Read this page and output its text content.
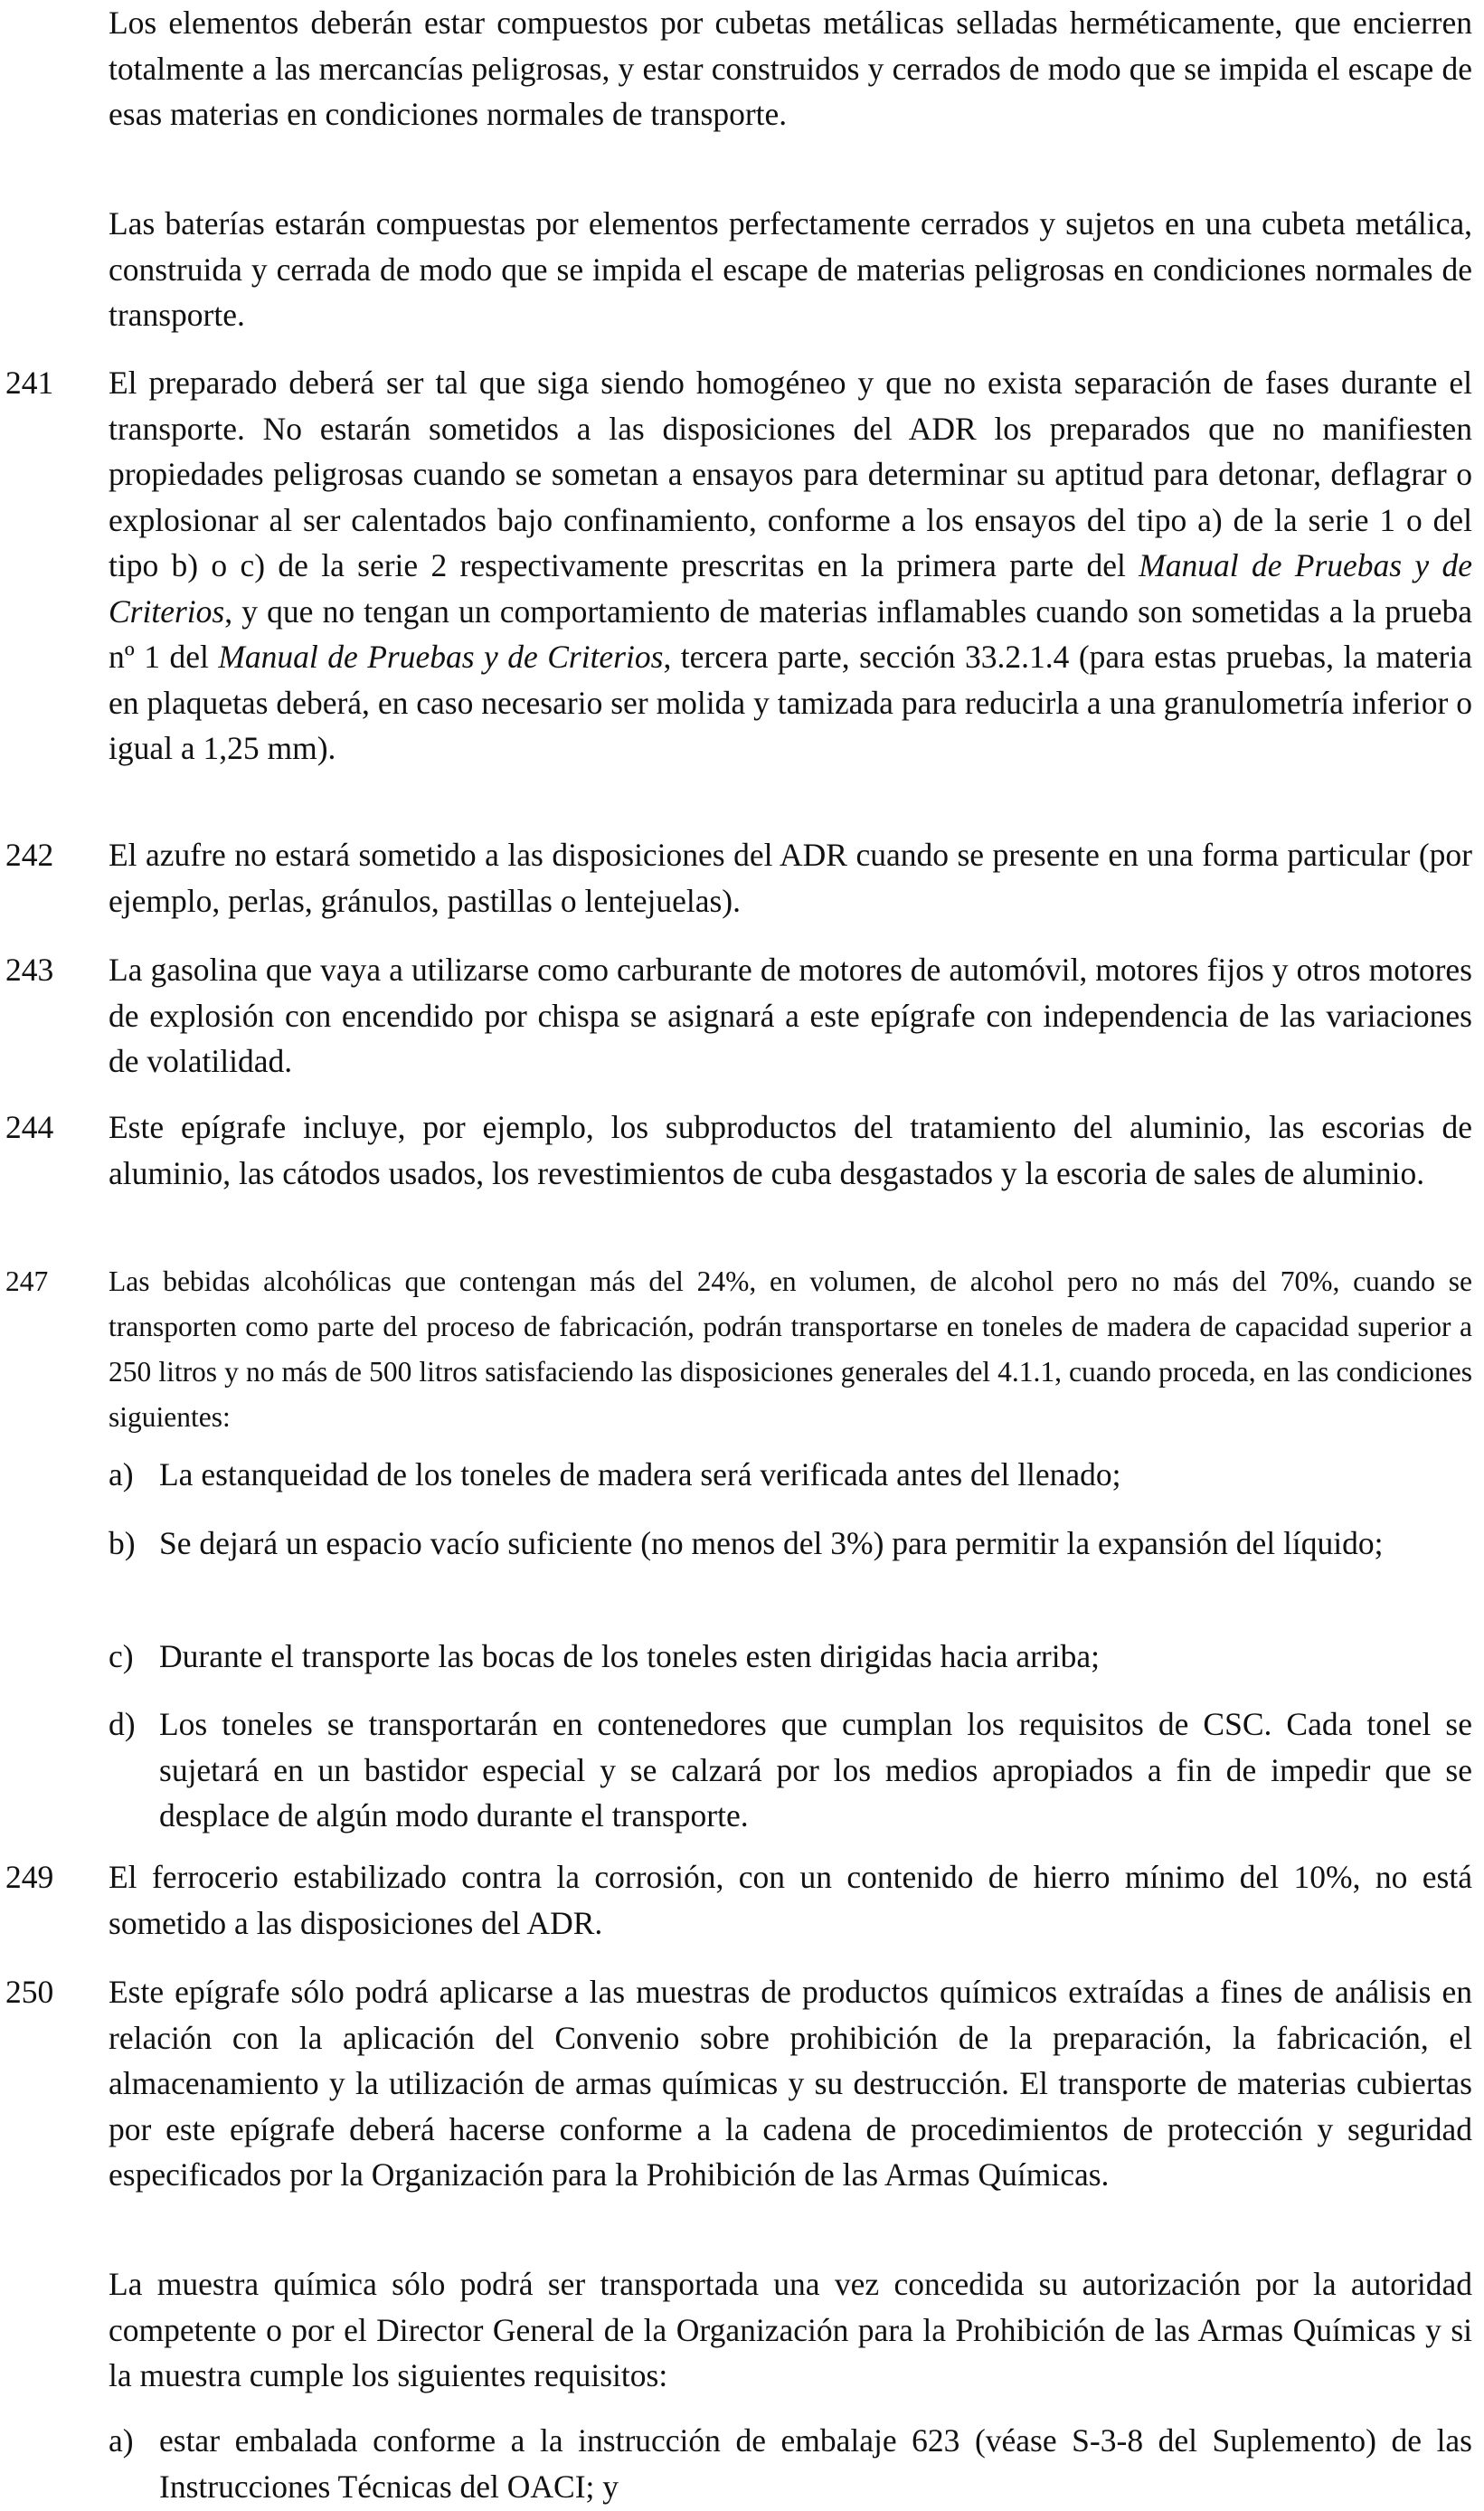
Los elementos deberán estar compuestos por cubetas metálicas selladas herméticamente, que encierren totalmente a las mercancías peligrosas, y estar construidos y cerrados de modo que se impida el escape de esas materias en condiciones normales de transporte.

Las baterías estarán compuestas por elementos perfectamente cerrados y sujetos en una cubeta metálica, construida y cerrada de modo que se impida el escape de materias peligrosas en condiciones normales de transporte.

241	El preparado deberá ser tal que siga siendo homogéneo y que no exista separación de fases durante el transporte. No estarán sometidos a las disposiciones del ADR los preparados que no manifiesten propiedades peligrosas cuando se sometan a ensayos para determinar su aptitud para detonar, deflagrar o explosionar al ser calentados bajo confinamiento, conforme a los ensayos del tipo a) de la serie 1 o del tipo b) o c) de la serie 2 respectivamente prescritas en la primera parte del Manual de Pruebas y de Criterios, y que no tengan un comportamiento de materias inflamables cuando son sometidas a la prueba nº 1 del Manual de Pruebas y de Criterios, tercera parte, sección 33.2.1.4 (para estas pruebas, la materia en plaquetas deberá, en caso necesario ser molida y tamizada para reducirla a una granulometría inferior o igual a 1,25 mm).

242	El azufre no estará sometido a las disposiciones del ADR cuando se presente en una forma particular (por ejemplo, perlas, gránulos, pastillas o lentejuelas).

243	La gasolina que vaya a utilizarse como carburante de motores de automóvil, motores fijos y otros motores de explosión con encendido por chispa se asignará a este epígrafe con independencia de las variaciones de volatilidad.

244	Este epígrafe incluye, por ejemplo, los subproductos del tratamiento del aluminio, las escorias de aluminio, las cátodos usados, los revestimientos de cuba desgastados y la escoria de sales de aluminio.

247	Las bebidas alcohólicas que contengan más del 24%, en volumen, de alcohol pero no más del 70%, cuando se transporten como parte del proceso de fabricación, podrán transportarse en toneles de madera de capacidad superior a 250 litros y no más de 500 litros satisfaciendo las disposiciones generales del 4.1.1, cuando proceda, en las condiciones siguientes:

a) La estanqueidad de los toneles de madera será verificada antes del llenado;
b) Se dejará un espacio vacío suficiente (no menos del 3%) para permitir la expansión del líquido;
c) Durante el transporte las bocas de los toneles esten dirigidas hacia arriba;
d) Los toneles se transportarán en contenedores que cumplan los requisitos de CSC. Cada tonel se sujetará en un bastidor especial y se calzará por los medios apropiados a fin de impedir que se desplace de algún modo durante el transporte.
249	El ferrocerio estabilizado contra la corrosión, con un contenido de hierro mínimo del 10%, no está sometido a las disposiciones del ADR.

250	Este epígrafe sólo podrá aplicarse a las muestras de productos químicos extraídas a fines de análisis en relación con la aplicación del Convenio sobre prohibición de la preparación, la fabricación, el almacenamiento y la utilización de armas químicas y su destrucción. El transporte de materias cubiertas por este epígrafe deberá hacerse conforme a la cadena de procedimientos de protección y seguridad especificados por la Organización para la Prohibición de las Armas Químicas.

La muestra química sólo podrá ser transportada una vez concedida su autorización por la autoridad competente o por el Director General de la Organización para la Prohibición de las Armas Químicas y si la muestra cumple los siguientes requisitos:

a) estar embalada conforme a la instrucción de embalaje 623 (véase S-3-8 del Suplemento) de las Instrucciones Técnicas del OACI; y
